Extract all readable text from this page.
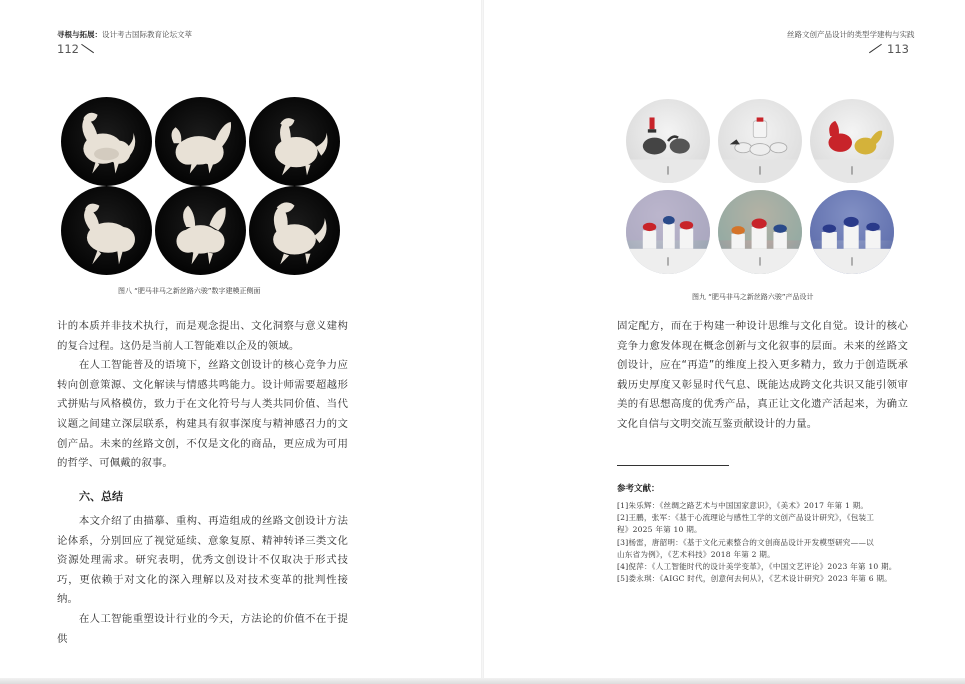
寻根与拓展：设计考古国际教育论坛文萃
112
图八 “肥马非马之新丝路六骏”数字建模正侧面

计的本质并非技术执行，而是观念提出、文化洞察与意义建构的复合过程。这仍是当前人工智能难以企及的领域。

在人工智能普及的语境下，丝路文创设计的核心竞争力应转向创意策源、文化解读与情感共鸣能力。设计师需要超越形式拼贴与风格模仿，致力于在文化符号与人类共同价值、当代议题之间建立深层联系，构建具有叙事深度与精神感召力的文创产品。未来的丝路文创，不仅是文化的商品，更应成为可用的哲学、可佩戴的叙事。

六、总结

本文介绍了由描摹、重构、再造组成的丝路文创设计方法论体系，分别回应了视觉延续、意象复原、精神转译三类文化资源处理需求。研究表明，优秀文创设计不仅取决于形式技巧，更依赖于对文化的深入理解以及对技术变革的批判性接纳。

在人工智能重塑设计行业的今天，方法论的价值不在于提供

丝路文创产品设计的类型学建构与实践
113
图九 “肥马非马之新丝路六骏”产品设计

固定配方，而在于构建一种设计思维与文化自觉。设计的核心竞争力愈发体现在概念创新与文化叙事的层面。未来的丝路文创设计，应在“再造”的维度上投入更多精力，致力于创造既承载历史厚度又彰显时代气息、既能达成跨文化共识又能引领审美的有思想高度的优秀产品，真正让文化遗产活起来，为确立文化自信与文明交流互鉴贡献设计的力量。

参考文献：
[1]朱乐辉：《丝绸之路艺术与中国国家意识》，《美术》2017 年第 1 期。
[2]王鹏，张军：《基于心流理论与感性工学的文创产品设计研究》，《包装工
程》2025 年第 10 期。
[3]杨雷，唐韶明：《基于文化元素整合的文创商品设计开发模型研究——以
山东省为例》，《艺术科技》2018 年第 2 期。
[4]倪萍：《人工智能时代的设计美学变革》，《中国文艺评论》2023 年第 10 期。
[5]娄永琪：《AIGC 时代，创意何去何从》，《艺术设计研究》2023 年第 6 期。
